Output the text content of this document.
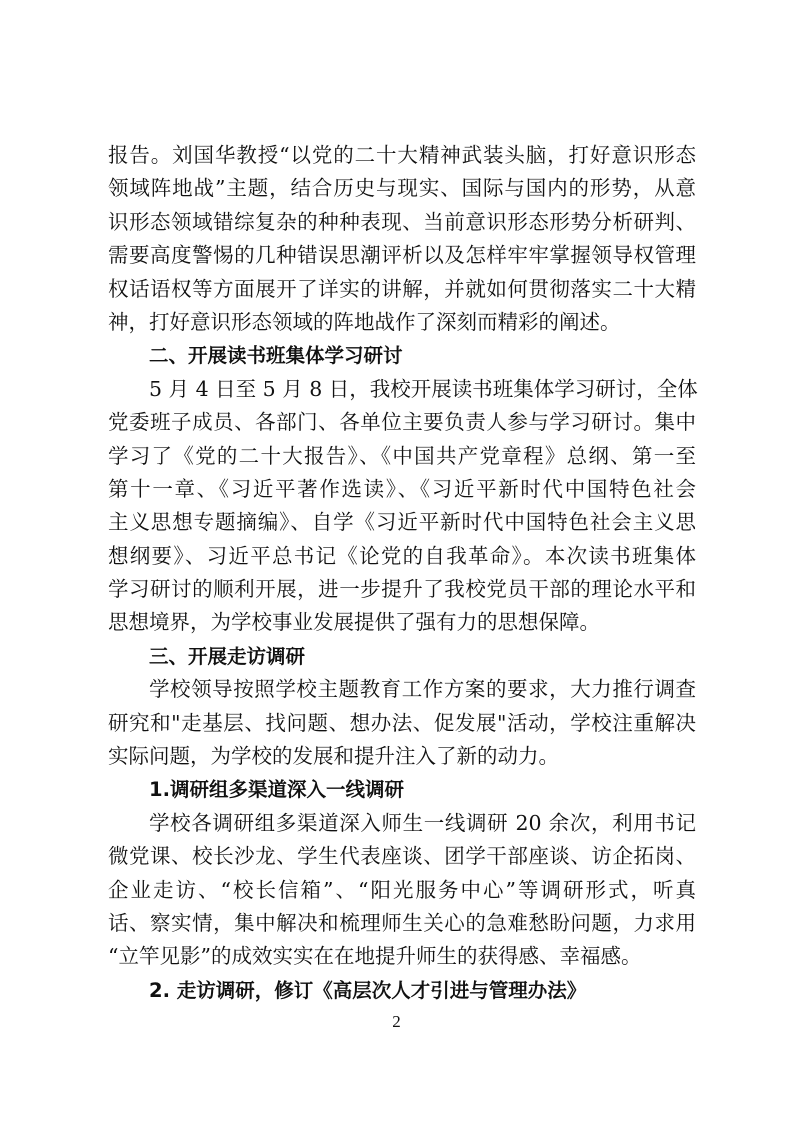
报告。刘国华教授“以党的二十大精神武装头脑，打好意识形态
领域阵地战”主题，结合历史与现实、国际与国内的形势，从意
识形态领域错综复杂的种种表现、当前意识形态形势分析研判、
需要高度警惕的几种错误思潮评析以及怎样牢牢掌握领导权管理
权话语权等方面展开了详实的讲解，并就如何贯彻落实二十大精
神，打好意识形态领域的阵地战作了深刻而精彩的阐述。
二、开展读书班集体学习研讨
5 月 4 日至 5 月 8 日，我校开展读书班集体学习研讨，全体
党委班子成员、各部门、各单位主要负责人参与学习研讨。集中
学习了《党的二十大报告》、《中国共产党章程》总纲、第一至
第十一章、《习近平著作选读》、《习近平新时代中国特色社会
主义思想专题摘编》、自学《习近平新时代中国特色社会主义思
想纲要》、习近平总书记《论党的自我革命》。本次读书班集体
学习研讨的顺利开展，进一步提升了我校党员干部的理论水平和
思想境界，为学校事业发展提供了强有力的思想保障。
三、开展走访调研
学校领导按照学校主题教育工作方案的要求，大力推行调查
研究和"走基层、找问题、想办法、促发展"活动，学校注重解决
实际问题，为学校的发展和提升注入了新的动力。
1.调研组多渠道深入一线调研
学校各调研组多渠道深入师生一线调研 20 余次，利用书记
微党课、校长沙龙、学生代表座谈、团学干部座谈、访企拓岗、
企业走访、“校长信箱”、“阳光服务中心”等调研形式，听真
话、察实情，集中解决和梳理师生关心的急难愁盼问题，力求用
“立竿见影”的成效实实在在地提升师生的获得感、幸福感。
2. 走访调研，修订《高层次人才引进与管理办法》
2
